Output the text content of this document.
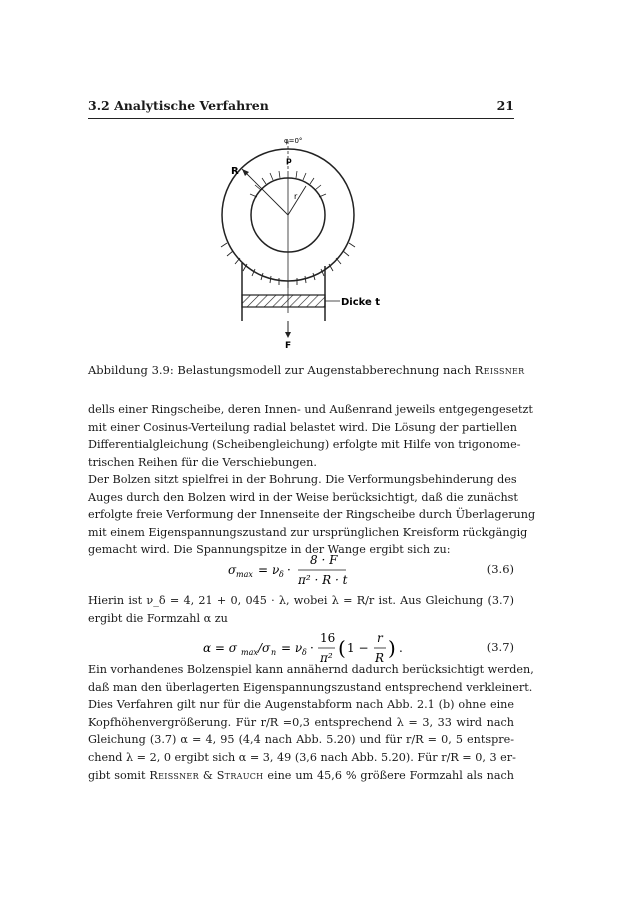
3.2 Analytische Verfahren	21
φ=0°
R
r
p
Dicke t
F
Abbildung 3.9: Belastungsmodell zur Augenstabberechnung nach Reissner

dells einer Ringscheibe, deren Innen- und Außenrand jeweils entgegengesetzt

mit einer Cosinus-Verteilung radial belastet wird. Die Lösung der partiellen

Differentialgleichung (Scheibengleichung) erfolgte mit Hilfe von trigonome-

trischen Reihen für die Verschiebungen.

Der Bolzen sitzt spielfrei in der Bohrung. Die Verformungsbehinderung des

Auges durch den Bolzen wird in der Weise berücksichtigt, daß die zunächst

erfolgte freie Verformung der Innenseite der Ringscheibe durch Überlagerung

mit einem Eigenspannungszustand zur ursprünglichen Kreisform rückgängig

gemacht wird. Die Spannungspitze in der Wange ergibt sich zu:

σ max = ν δ ·
8 · F
π² · R · t
(3.6)

Hierin ist ν_δ = 4, 21 + 0, 045 · λ, wobei λ = R/r ist. Aus Gleichung (3.7)

ergibt die Formzahl α zu

α = σ max /σ n = ν δ ·
16
π² ( 1 −
r
R ) .	(3.7)

Ein vorhandenes Bolzenspiel kann annähernd dadurch berücksichtigt werden,

daß man den überlagerten Eigenspannungszustand entsprechend verkleinert.

Dies Verfahren gilt nur für die Augenstabform nach Abb. 2.1 (b) ohne eine

Kopfhöhenvergrößerung. Für r/R =0,3 entsprechend λ = 3, 33 wird nach

Gleichung (3.7) α = 4, 95 (4,4 nach Abb. 5.20) und für r/R = 0, 5 entspre-

chend λ = 2, 0 ergibt sich α = 3, 49 (3,6 nach Abb. 5.20). Für r/R = 0, 3 er-

gibt somit Reissner & Strauch eine um 45,6 % größere Formzahl als nach
